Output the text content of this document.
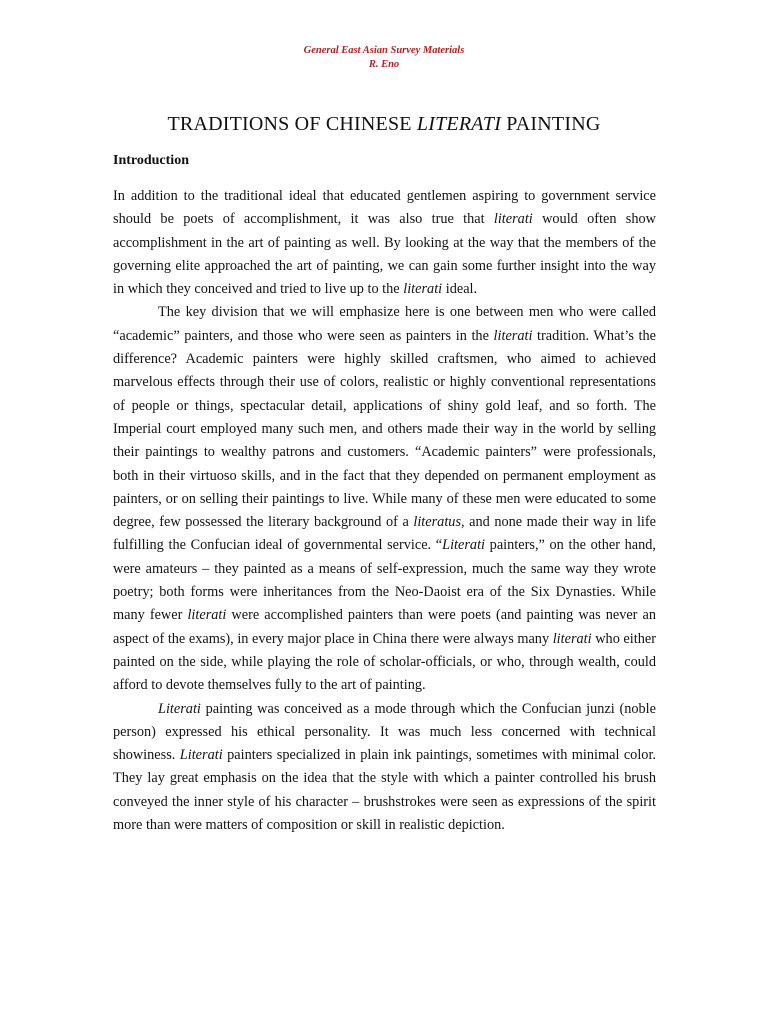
General East Asian Survey Materials
R. Eno
TRADITIONS OF CHINESE LITERATI PAINTING
Introduction

In addition to the traditional ideal that educated gentlemen aspiring to government service should be poets of accomplishment, it was also true that literati would often show accomplishment in the art of painting as well. By looking at the way that the members of the governing elite approached the art of painting, we can gain some further insight into the way in which they conceived and tried to live up to the literati ideal.

The key division that we will emphasize here is one between men who were called “academic” painters, and those who were seen as painters in the literati tradition. What’s the difference? Academic painters were highly skilled craftsmen, who aimed to achieved marvelous effects through their use of colors, realistic or highly conventional representations of people or things, spectacular detail, applications of shiny gold leaf, and so forth. The Imperial court employed many such men, and others made their way in the world by selling their paintings to wealthy patrons and customers. “Academic painters” were professionals, both in their virtuoso skills, and in the fact that they depended on permanent employment as painters, or on selling their paintings to live. While many of these men were educated to some degree, few possessed the literary background of a literatus, and none made their way in life fulfilling the Confucian ideal of governmental service. “Literati painters,” on the other hand, were amateurs – they painted as a means of self-expression, much the same way they wrote poetry; both forms were inheritances from the Neo-Daoist era of the Six Dynasties. While many fewer literati were accomplished painters than were poets (and painting was never an aspect of the exams), in every major place in China there were always many literati who either painted on the side, while playing the role of scholar-officials, or who, through wealth, could afford to devote themselves fully to the art of painting.

Literati painting was conceived as a mode through which the Confucian junzi (noble person) expressed his ethical personality. It was much less concerned with technical showiness. Literati painters specialized in plain ink paintings, sometimes with minimal color. They lay great emphasis on the idea that the style with which a painter controlled his brush conveyed the inner style of his character – brushstrokes were seen as expressions of the spirit more than were matters of composition or skill in realistic depiction.
